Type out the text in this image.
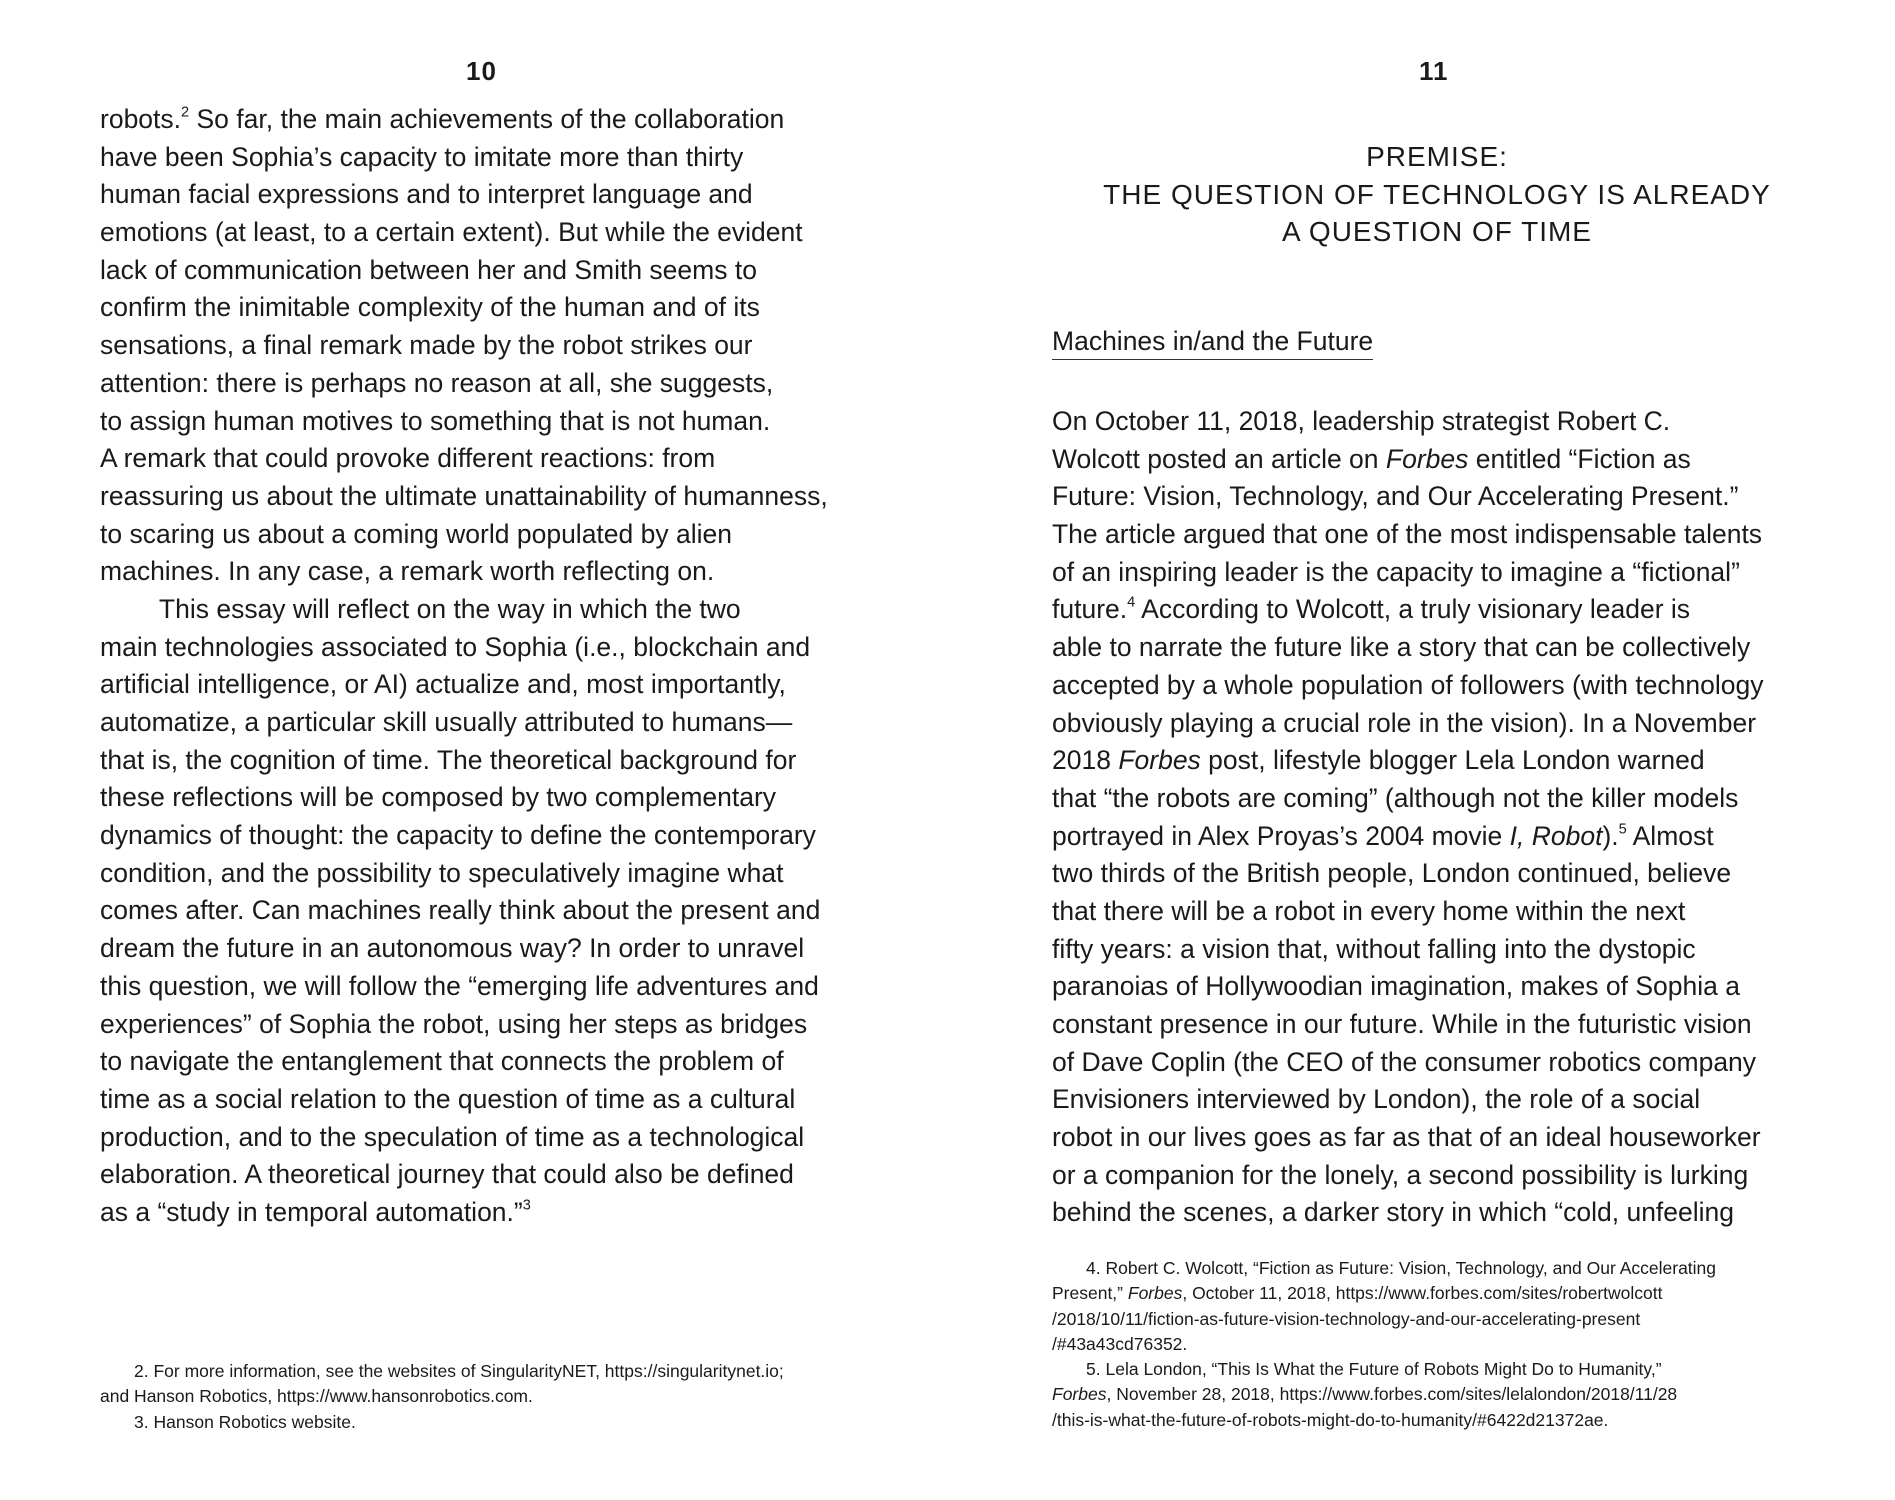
10
robots.$^2$ So far, the main achievements of the collaboration
have been Sophia’s capacity to imitate more than thirty
human facial expressions and to interpret language and
emotions (at least, to a certain extent). But while the evident
lack of communication between her and Smith seems to
confirm the inimitable complexity of the human and of its
sensations, a final remark made by the robot strikes our
attention: there is perhaps no reason at all, she suggests,
to assign human motives to something that is not human.
A remark that could provoke different reactions: from
reassuring us about the ultimate unattainability of humanness,
to scaring us about a coming world populated by alien
machines. In any case, a remark worth reflecting on.
This essay will reflect on the way in which the two
main technologies associated to Sophia (i.e., blockchain and
artificial intelligence, or AI) actualize and, most importantly,
automatize, a particular skill usually attributed to humans—
that is, the cognition of time. The theoretical background for
these reflections will be composed by two complementary
dynamics of thought: the capacity to define the contemporary
condition, and the possibility to speculatively imagine what
comes after. Can machines really think about the present and
dream the future in an autonomous way? In order to unravel
this question, we will follow the “emerging life adventures and
experiences” of Sophia the robot, using her steps as bridges
to navigate the entanglement that connects the problem of
time as a social relation to the question of time as a cultural
production, and to the speculation of time as a technological
elaboration. A theoretical journey that could also be defined
as a “study in temporal automation.”$^3$
2. For more information, see the websites of SingularityNET, https://singularitynet.io;
and Hanson Robotics, https://www.hansonrobotics.com.
3. Hanson Robotics website.
11
PREMISE:
THE QUESTION OF TECHNOLOGY IS ALREADY
A QUESTION OF TIME
Machines in/and the Future
On October 11, 2018, leadership strategist Robert C.
Wolcott posted an article on Forbes entitled “Fiction as
Future: Vision, Technology, and Our Accelerating Present.”
The article argued that one of the most indispensable talents
of an inspiring leader is the capacity to imagine a “fictional”
future.$^4$ According to Wolcott, a truly visionary leader is
able to narrate the future like a story that can be collectively
accepted by a whole population of followers (with technology
obviously playing a crucial role in the vision). In a November
2018 Forbes post, lifestyle blogger Lela London warned
that “the robots are coming” (although not the killer models
portrayed in Alex Proyas’s 2004 movie I, Robot).$^5$ Almost
two thirds of the British people, London continued, believe
that there will be a robot in every home within the next
fifty years: a vision that, without falling into the dystopic
paranoias of Hollywoodian imagination, makes of Sophia a
constant presence in our future. While in the futuristic vision
of Dave Coplin (the CEO of the consumer robotics company
Envisioners interviewed by London), the role of a social
robot in our lives goes as far as that of an ideal houseworker
or a companion for the lonely, a second possibility is lurking
behind the scenes, a darker story in which “cold, unfeeling
4. Robert C. Wolcott, “Fiction as Future: Vision, Technology, and Our Accelerating
Present,” Forbes, October 11, 2018, https://www.forbes.com/sites/robertwolcott
/2018/10/11/fiction-as-future-vision-technology-and-our-accelerating-present
/#43a43cd76352.
5. Lela London, “This Is What the Future of Robots Might Do to Humanity,”
Forbes, November 28, 2018, https://www.forbes.com/sites/lelalondon/2018/11/28
/this-is-what-the-future-of-robots-might-do-to-humanity/#6422d21372ae.
